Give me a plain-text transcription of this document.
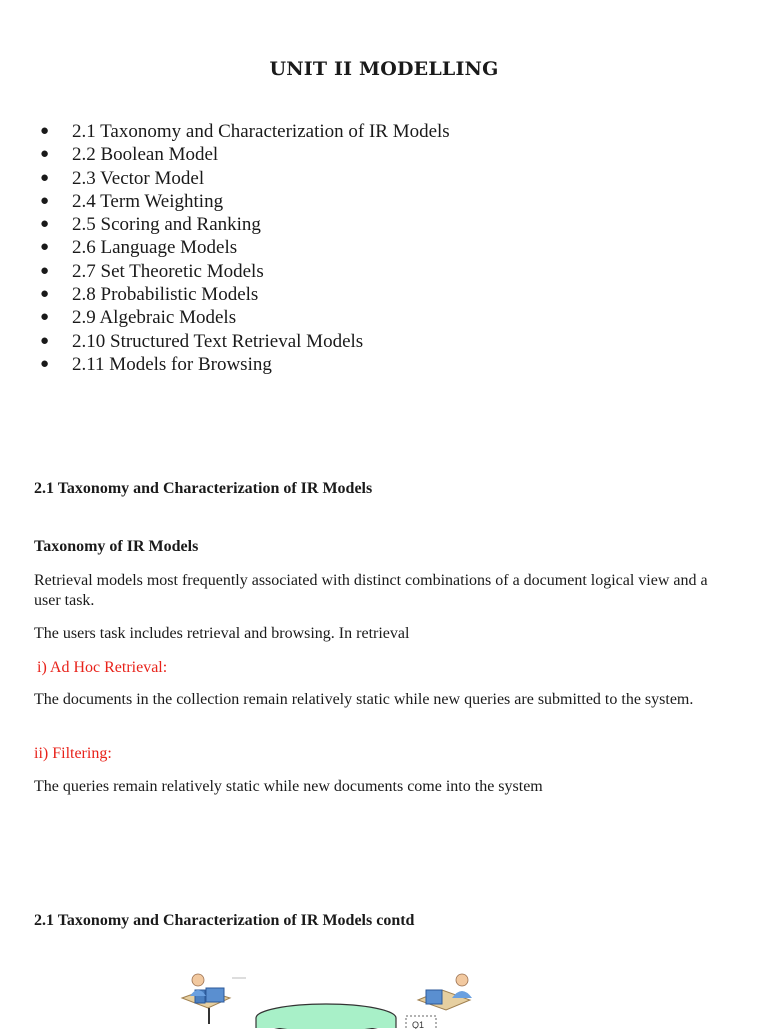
UNIT II MODELLING
● 2.1 Taxonomy and Characterization of IR Models
● 2.2 Boolean Model
● 2.3 Vector Model
● 2.4 Term Weighting
● 2.5 Scoring and Ranking
● 2.6 Language Models
● 2.7 Set Theoretic Models
● 2.8 Probabilistic Models
● 2.9 Algebraic Models
● 2.10 Structured Text Retrieval Models
● 2.11 Models for Browsing
2.1 Taxonomy and Characterization of IR Models
Taxonomy of IR Models

Retrieval models most frequently associated with distinct combinations of a document logical view and a user task.

The users task includes retrieval and browsing. In retrieval

i) Ad Hoc Retrieval:

The documents in the collection remain relatively static while new queries are submitted to the system.

ii) Filtering:

The queries remain relatively static while new documents come into the system

2.1 Taxonomy and Characterization of IR Models contd
Q1
